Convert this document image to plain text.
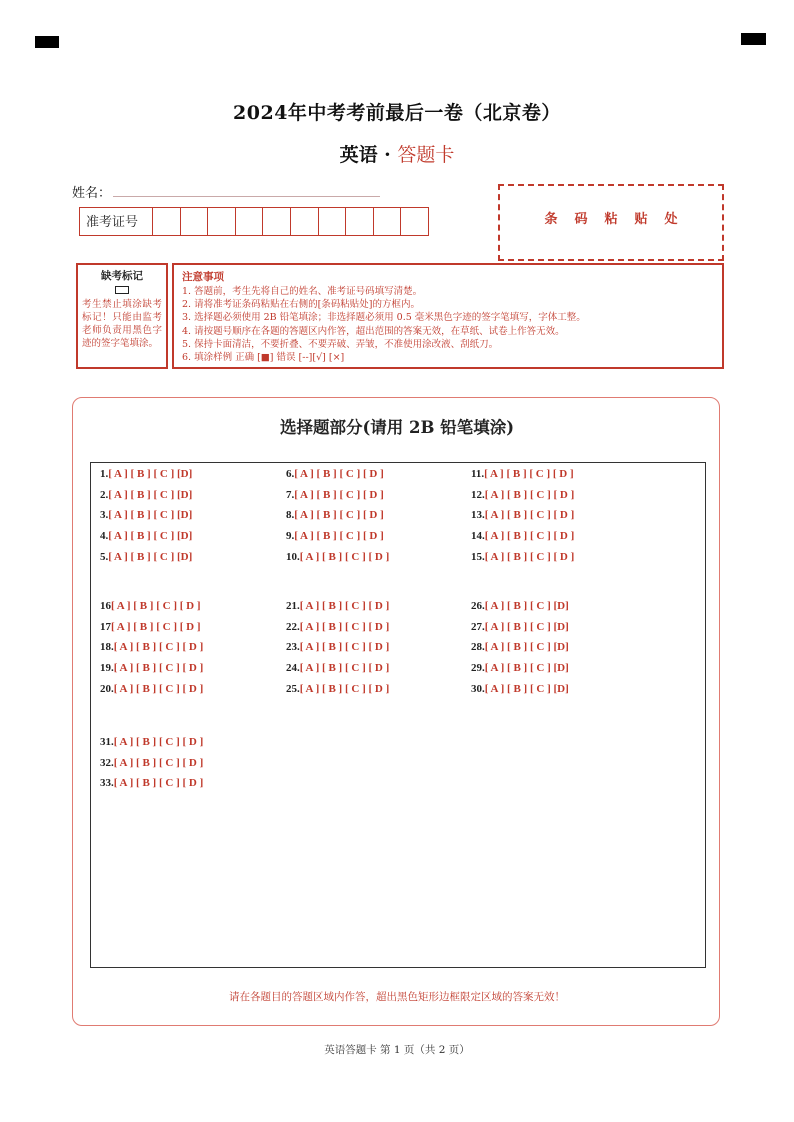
2024年中考考前最后一卷（北京卷）
英语 · 答题卡
姓名：
准考证号	条码粘贴处
缺考标记
考生禁止填涂缺考标记！只能由监考老师负责用黑色字迹的签字笔填涂。
注意事项
1. 答题前，考生先将自己的姓名、准考证号码填写清楚。
2. 请将准考证条码粘贴在右侧的[条码粘贴处]的方框内。
3. 选择题必须使用 2B 铅笔填涂；非选择题必须用 0.5 毫米黑色字迹的签字笔填写，字体工整。
4. 请按题号顺序在各题的答题区内作答，超出范围的答案无效，在草纸、试卷上作答无效。
5. 保持卡面清洁，不要折叠、不要弄破、弄皱，不准使用涂改液、刮纸刀。
6. 填涂样例 正确 [■] 错误 [--][√] [×]
选择题部分(请用 2B 铅笔填涂)
1.[ A ] [ B ] [ C ] [D]
2.[ A ] [ B ] [ C ] [D]
3.[ A ] [ B ] [ C ] [D]
4.[ A ] [ B ] [ C ] [D]
5.[ A ] [ B ] [ C ] [D]
6.[ A ] [ B ] [ C ] [ D ]
7.[ A ] [ B ] [ C ] [ D ]
8.[ A ] [ B ] [ C ] [ D ]
9.[ A ] [ B ] [ C ] [ D ]
10.[ A ] [ B ] [ C ] [ D ]
11.[ A ] [ B ] [ C ] [ D ]
12.[ A ] [ B ] [ C ] [ D ]
13.[ A ] [ B ] [ C ] [ D ]
14.[ A ] [ B ] [ C ] [ D ]
15.[ A ] [ B ] [ C ] [ D ]
16[ A ] [ B ] [ C ] [ D ]
17[ A ] [ B ] [ C ] [ D ]
18.[ A ] [ B ] [ C ] [ D ]
19.[ A ] [ B ] [ C ] [ D ]
20.[ A ] [ B ] [ C ] [ D ]
21.[ A ] [ B ] [ C ] [ D ]
22.[ A ] [ B ] [ C ] [ D ]
23.[ A ] [ B ] [ C ] [ D ]
24.[ A ] [ B ] [ C ] [ D ]
25.[ A ] [ B ] [ C ] [ D ]
26.[ A ] [ B ] [ C ] [D]
27.[ A ] [ B ] [ C ] [D]
28.[ A ] [ B ] [ C ] [D]
29.[ A ] [ B ] [ C ] [D]
30.[ A ] [ B ] [ C ] [D]
31.[ A ] [ B ] [ C ] [ D ]
32.[ A ] [ B ] [ C ] [ D ]
33.[ A ] [ B ] [ C ] [ D ]
请在各题目的答题区域内作答，超出黑色矩形边框限定区域的答案无效！
英语答题卡 第 1 页（共 2 页）
